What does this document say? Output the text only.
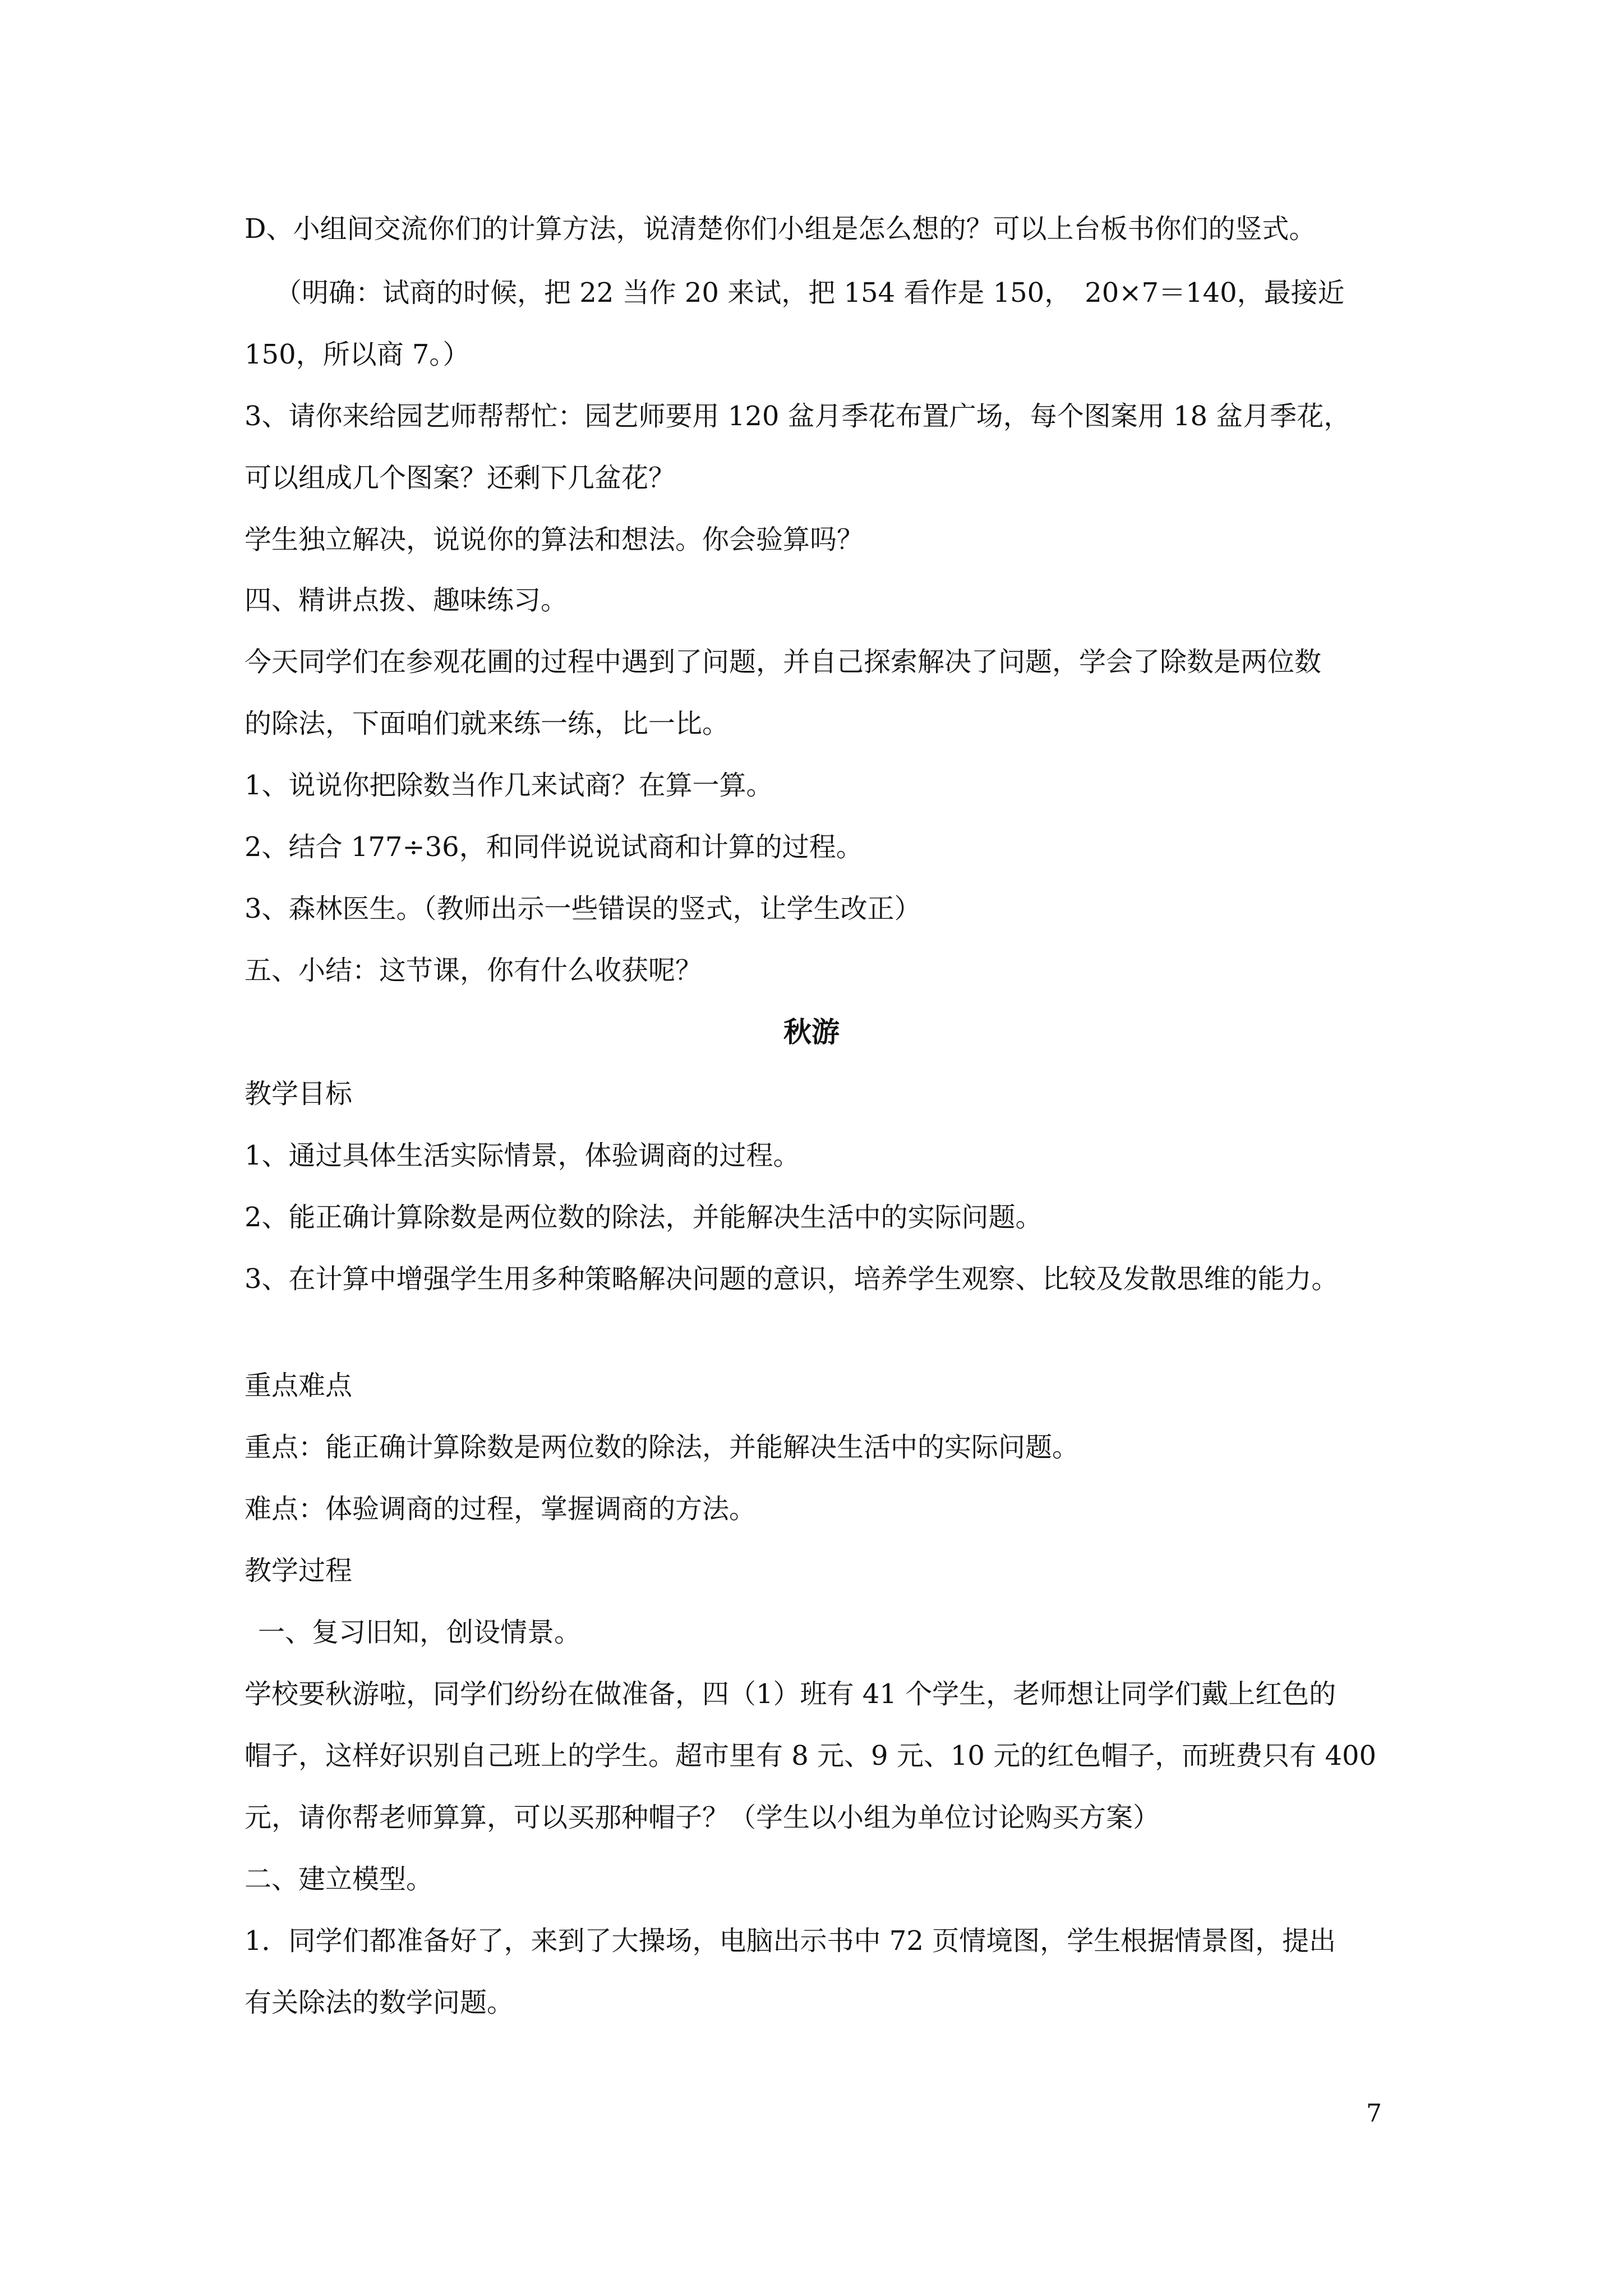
D、小组间交流你们的计算方法，说清楚你们小组是怎么想的？可以上台板书你们的竖式。
（明确：试商的时候，把 22 当作 20 来试，把 154 看作是 150，　20×7＝140，最接近
150，所以商 7。）
3、请你来给园艺师帮帮忙：园艺师要用 120 盆月季花布置广场，每个图案用 18 盆月季花，
可以组成几个图案？还剩下几盆花？
学生独立解决，说说你的算法和想法。你会验算吗？
四、精讲点拨、趣味练习。
今天同学们在参观花圃的过程中遇到了问题，并自己探索解决了问题，学会了除数是两位数
的除法，下面咱们就来练一练，比一比。
1、说说你把除数当作几来试商？在算一算。
2、结合 177÷36，和同伴说说试商和计算的过程。
3、森林医生。（教师出示一些错误的竖式，让学生改正）
五、小结：这节课，你有什么收获呢？
秋游
教学目标
1、通过具体生活实际情景，体验调商的过程。
2、能正确计算除数是两位数的除法，并能解决生活中的实际问题。
3、在计算中增强学生用多种策略解决问题的意识，培养学生观察、比较及发散思维的能力。
重点难点
重点：能正确计算除数是两位数的除法，并能解决生活中的实际问题。
难点：体验调商的过程，掌握调商的方法。
教学过程
一、复习旧知，创设情景。
学校要秋游啦，同学们纷纷在做准备，四（1）班有 41 个学生，老师想让同学们戴上红色的
帽子，这样好识别自己班上的学生。超市里有 8 元、9 元、10 元的红色帽子，而班费只有 400
元，请你帮老师算算，可以买那种帽子？（学生以小组为单位讨论购买方案）
二、建立模型。
1．同学们都准备好了，来到了大操场，电脑出示书中 72 页情境图，学生根据情景图，提出
有关除法的数学问题。
7
